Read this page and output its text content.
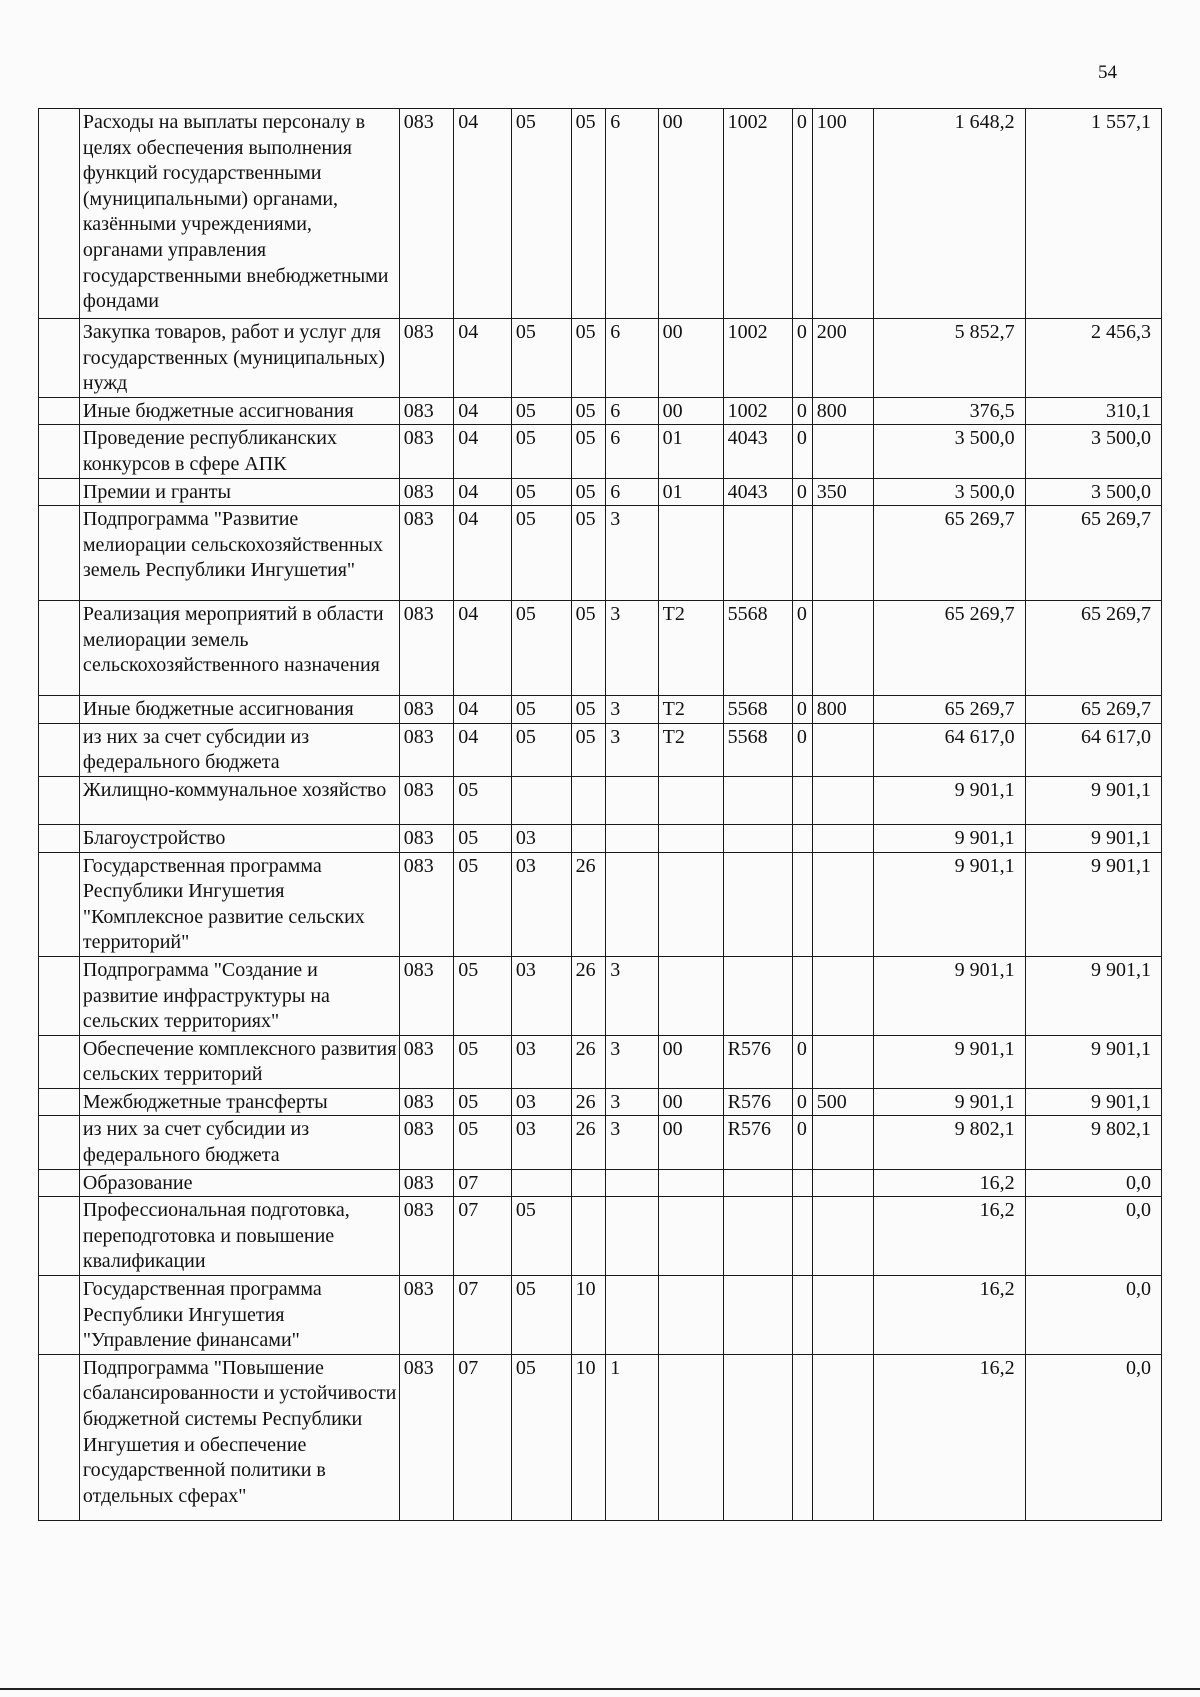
54
	Расходы на выплаты персоналу в целях обеспечения выполнения функций государственными (муниципальными) органами, казёнными учреждениями, органами управления государственными внебюджетными фондами	083	04	05	05	6	00	1002	0	100	1 648,2	1 557,1
	Закупка товаров, работ и услуг для государственных (муниципальных) нужд	083	04	05	05	6	00	1002	0	200	5 852,7	2 456,3
	Иные бюджетные ассигнования	083	04	05	05	6	00	1002	0	800	376,5	310,1
	Проведение республиканских конкурсов в сфере АПК	083	04	05	05	6	01	4043	0		3 500,0	3 500,0
	Премии и гранты	083	04	05	05	6	01	4043	0	350	3 500,0	3 500,0
	Подпрограмма "Развитие мелиорации сельскохозяйственных земель Республики Ингушетия"	083	04	05	05	3					65 269,7	65 269,7
	Реализация мероприятий в области мелиорации земель сельскохозяйственного назначения	083	04	05	05	3	Т2	5568	0		65 269,7	65 269,7
	Иные бюджетные ассигнования	083	04	05	05	3	Т2	5568	0	800	65 269,7	65 269,7
	из них за счет субсидии из федерального бюджета	083	04	05	05	3	Т2	5568	0		64 617,0	64 617,0
	Жилищно-коммунальное хозяйство	083	05								9 901,1	9 901,1
	Благоустройство	083	05	03							9 901,1	9 901,1
	Государственная программа Республики Ингушетия "Комплексное развитие сельских территорий"	083	05	03	26						9 901,1	9 901,1
	Подпрограмма "Создание и развитие инфраструктуры на сельских территориях"	083	05	03	26	3					9 901,1	9 901,1
	Обеспечение комплексного развития сельских территорий	083	05	03	26	3	00	R576	0		9 901,1	9 901,1
	Межбюджетные трансферты	083	05	03	26	3	00	R576	0	500	9 901,1	9 901,1
	из них за счет субсидии из федерального бюджета	083	05	03	26	3	00	R576	0		9 802,1	9 802,1
	Образование	083	07								16,2	0,0
	Профессиональная подготовка, переподготовка и повышение квалификации	083	07	05							16,2	0,0
	Государственная программа Республики Ингушетия "Управление финансами"	083	07	05	10						16,2	0,0
	Подпрограмма "Повышение сбалансированности и устойчивости бюджетной системы Республики Ингушетия и обеспечение государственной политики в отдельных сферах"	083	07	05	10	1					16,2	0,0
